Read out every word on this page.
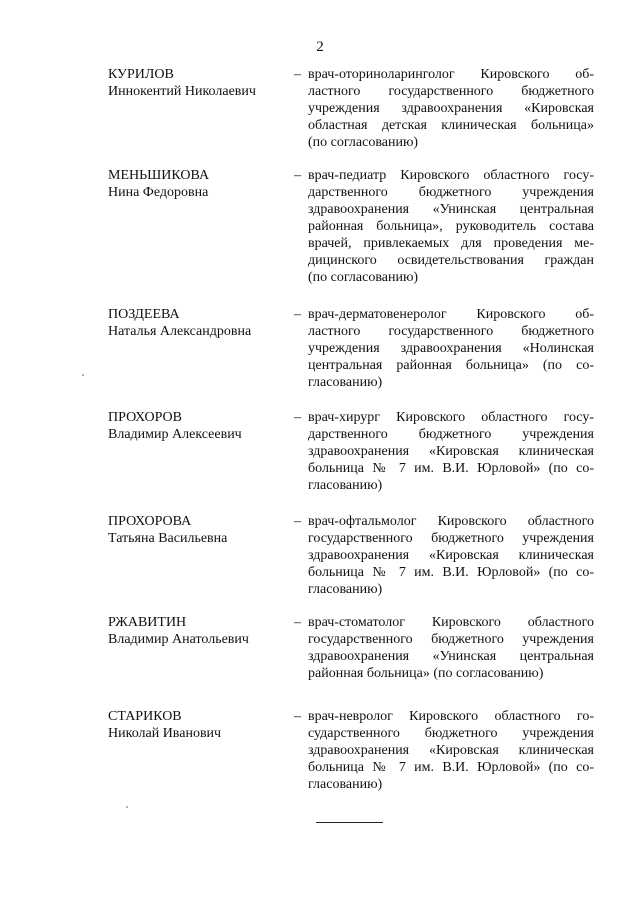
2
КУРИЛОВ
Иннокентий Николаевич
– врач-оториноларинголог Кировского об-
ластного государственного бюджетного
учреждения здравоохранения «Кировская
областная детская клиническая больница»
(по согласованию)

МЕНЬШИКОВА
Нина Федоровна
– врач-педиатр Кировского областного госу-
дарственного бюджетного учреждения
здравоохранения «Унинская центральная
районная больница», руководитель состава
врачей, привлекаемых для проведения ме-
дицинского освидетельствования граждан
(по согласованию)

ПОЗДЕЕВА
Наталья Александровна
– врач-дерматовенеролог Кировского об-
ластного государственного бюджетного
учреждения здравоохранения «Нолинская
центральная районная больница» (по со-
гласованию)

ПРОХОРОВ
Владимир Алексеевич
– врач-хирург Кировского областного госу-
дарственного бюджетного учреждения
здравоохранения «Кировская клиническая
больница № 7 им. В.И. Юрловой» (по со-
гласованию)

ПРОХОРОВА
Татьяна Васильевна
– врач-офтальмолог Кировского областного
государственного бюджетного учреждения
здравоохранения «Кировская клиническая
больница № 7 им. В.И. Юрловой» (по со-
гласованию)

РЖАВИТИН
Владимир Анатольевич
– врач-стоматолог Кировского областного
государственного бюджетного учреждения
здравоохранения «Унинская центральная
районная больница» (по согласованию)

СТАРИКОВ
Николай Иванович
– врач-невролог Кировского областного го-
сударственного бюджетного учреждения
здравоохранения «Кировская клиническая
больница № 7 им. В.И. Юрловой» (по со-
гласованию)
